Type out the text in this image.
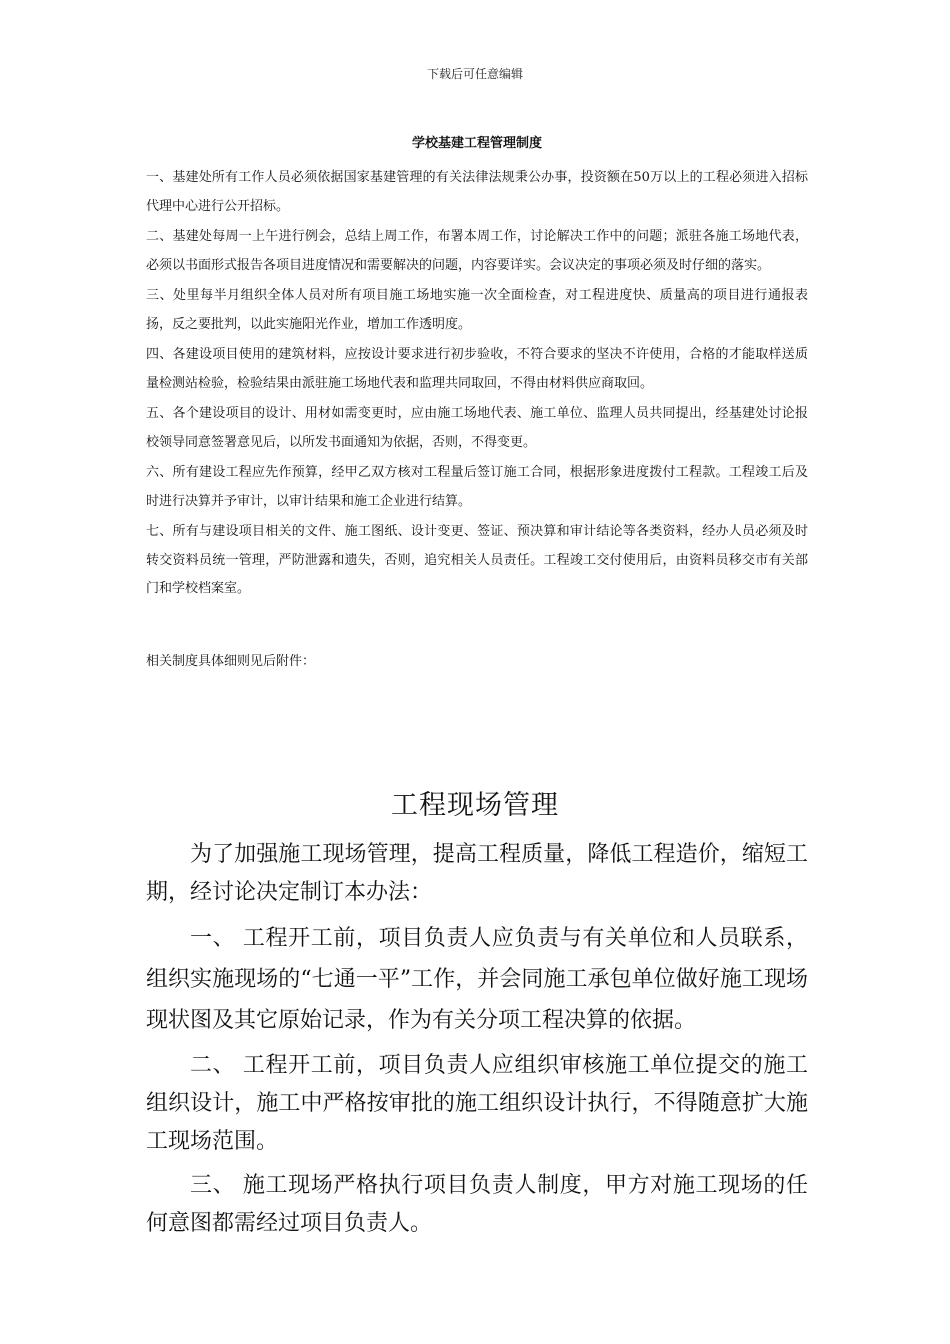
下载后可任意编辑
学校基建工程管理制度

一、基建处所有工作人员必须依据国家基建管理的有关法律法规秉公办事，投资额在50万以上的工程必须进入招标代理中心进行公开招标。

二、基建处每周一上午进行例会，总结上周工作，布署本周工作，讨论解决工作中的问题；派驻各施工场地代表，必须以书面形式报告各项目进度情况和需要解决的问题，内容要详实。会议决定的事项必须及时仔细的落实。

三、处里每半月组织全体人员对所有项目施工场地实施一次全面检查，对工程进度快、质量高的项目进行通报表扬，反之要批判，以此实施阳光作业，增加工作透明度。

四、各建设项目使用的建筑材料，应按设计要求进行初步验收，不符合要求的坚决不许使用，合格的才能取样送质量检测站检验，检验结果由派驻施工场地代表和监理共同取回，不得由材料供应商取回。

五、各个建设项目的设计、用材如需变更时，应由施工场地代表、施工单位、监理人员共同提出，经基建处讨论报校领导同意签署意见后，以所发书面通知为依据，否则，不得变更。

六、所有建设工程应先作预算，经甲乙双方核对工程量后签订施工合同，根据形象进度拨付工程款。工程竣工后及时进行决算并予审计，以审计结果和施工企业进行结算。

七、所有与建设项目相关的文件、施工图纸、设计变更、签证、预决算和审计结论等各类资料，经办人员必须及时转交资料员统一管理，严防泄露和遗失，否则，追究相关人员责任。工程竣工交付使用后，由资料员移交市有关部门和学校档案室。

相关制度具体细则见后附件：
工程现场管理

为了加强施工现场管理，提高工程质量，降低工程造价，缩短工期，经讨论决定制订本办法：

一、 工程开工前，项目负责人应负责与有关单位和人员联系，组织实施现场的“七通一平”工作，并会同施工承包单位做好施工现场现状图及其它原始记录，作为有关分项工程决算的依据。

二、 工程开工前，项目负责人应组织审核施工单位提交的施工组织设计，施工中严格按审批的施工组织设计执行，不得随意扩大施工现场范围。

三、 施工现场严格执行项目负责人制度，甲方对施工现场的任何意图都需经过项目负责人。
